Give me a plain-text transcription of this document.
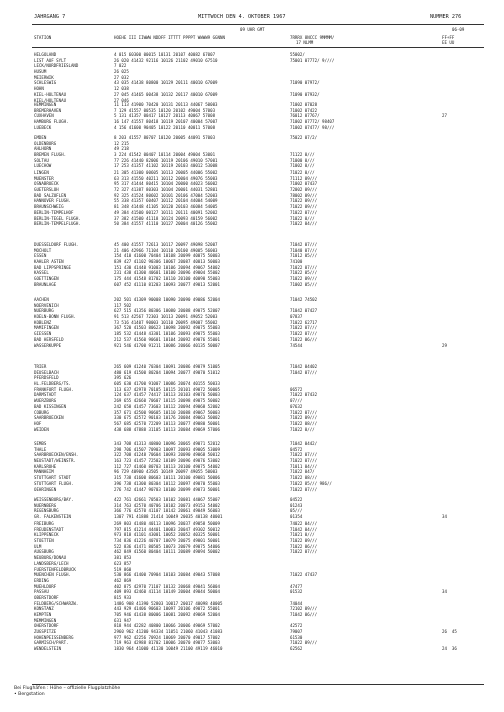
JAHRGANG 7	MITTWOCH DEN 4. OKTOBER 1967	NUMMER 276
09 UHR GMT	06-09
STATION	HOEHE III IIWWW NDDFF ITTTT PPPPT WWWW9 GGNNN	7RRRX 8NCCC 9MMMM/
17 NLMM
FF+FF
EE UU
HELGOLAND	4 015 60300 00015 10131 20107 40082 67007	55002/
LIST AUF SYLT	26 020 41432 92116 10126 21102 49010 67510	75001 07772/ 9////
LECK/NORDFRIESLAND	7 022
HUSUM	26 025
MEIERWIK	27 032
SCHLESWIG	43 035 41438 80800 10129 20111 40010 67009	71090 07972/
HOHN	12 038
KIEL-HOLTENAU	27 045 41465 00438 10132 20117 40010 67009	71090 07932/
KIEL/HOLTENAU	27 046
HEMMINGEN	11 113 41900 70420 10131 20113 44067 50003	71002 07028
BREMERHAVEN	7 129 41557 00535 10120 20102 49004 57003	71002 07422
CUXHAVEN	5 131 41357 00417 10127 20113 40067 57008	76012 07767/	27
HAMBURG FLUGH.	16 147 41557 80418 10119 20107 40004 57007	71002 07772/ 98407
LUEBECK	4 156 41600 90405 10122 20110 40011 57008	71002 07477/ 98///
EMDEN	8 203 41557 80707 10120 20005 44091 57003	75022 07/2/
OLDENBURG	12 215
AHLHORN	49 218
BREMEN FLUGH.	3 224 41542 00407 10114 20004 49004 53001	71122 0///
SOLTAU	77 226 41440 82006 10119 20106 49010 57001	71000 0///
LUECHOW	17 253 41357 41102 10119 20103 40012 53008	71002 0///
LINGEN	21 305 41300 00605 10113 20005 44006 55002	71022 0///
MUENSTER	63 313 41550 40211 10112 20004 49076 55003	71112 09///
OSNABRUECK	95 317 41444 80415 10104 20000 44023 56002	71002 07437
GUETERSLOH	72 327 41387 80303 10104 20001 44031 52801	72002 09///
BAD SALZUFLEN	92 325 41524 80602 10101 20106 47004 52003	78002 09///
HANNOVER FLUGH.	55 338 41357 60407 10112 20104 44004 54009	71022 09///
BRAUNSCHWEIG	81 348 41448 41105 10120 20103 46084 54005	71022 09///
BERLIN-TEMPELHOF	49 384 41500 00127 10111 20111 40091 52002	71022 07///
BERLIN-TEGEL FLUGH.	37 382 41500 41118 10124 20093 40159 56002	71022 0///
BERLIN-TEMPELFLUGH.	50 384 41557 41110 10127 20004 40126 55002	71022 04///
DUESSELDORF FLUGH.	45 400 41557 72613 10117 20097 49098 52007	71042 07///
MOCHOLT	21 406 42966 71104 10110 20100 49005 56003	71040 07///
ESSEN	154 410 41600 70404 10108 20099 40075 50003	71012 05///
KAHLER ASTEN	839 427 41102 90306 10067 20087 40013 50003	74100
BAD LIPPSPRINGE	151 430 41440 91003 10106 20094 49067 54002	71022 07///
KASSEL	231 438 41300 40601 10100 20096 49004 55002	71022 05///
GOETTINGEN	175 444 41548 81702 10110 20100 40090 55003	71022 09///
BRAUNLAGE	607 452 41110 81203 10093 20077 49013 52001	71002 05///
AACHEN	202 501 41309 90008 10090 20090 49086 52004	71042 74502
NOERVENICH	117 502
NUERBURG	627 515 41356 80306 10080 20088 49075 52007	71042 07427
KOELN-BONN FLUGH.	91 513 42567 72303 10113 20091 49052 52003	07837
KOBLENZ	73 516 41407 90003 10110 20095 49007 55002	71022 62717
MAMIFINGEN	367 520 41503 80623 10098 20092 49075 55003	71022 07///
GIESSEN	185 532 41448 43301 10106 20093 49075 55003	71022 07///
BAD HERSFELD	212 537 41560 90601 10104 20092 49076 55001	71022 06///
WASSERKUPPE	921 546 41700 91211 10086 20066 40135 50007	74544	29
TRIER	265 609 41240 70304 10091 20086 49079 51005	71042 04402
DEUSELBACH	480 619 41500 80204 10094 20077 49070 51012	71042 07///
PFERDSFELD	395 626
HL.FELDBERG/TS.	605 630 41700 91007 10086 20074 40155 50033
FRANKFURT FLUGH.	113 637 42978 70105 10115 20101 49072 50005	06572
DARMSTADT	124 637 41457 74417 10113 20103 49076 50003	71022 07432
WUERZBURG	269 655 42660 70607 10115 20098 49075 50002	07///
BAD KISSINGEN	242 658 41457 73603 10112 20094 49068 52002	07632
COBURG	357 671 42500 90605 10110 20088 49067 50003	71022 07///
SAARBRUECKEN	330 675 42572 90103 10176 20084 49063 50002	71022 09///
HOF	567 685 42570 72209 10113 20077 49080 50001	71022 08///
WEIDEN	438 688 47888 31105 10113 20084 49069 57006	71022 0///
SEMBS	343 708 41313 40800 10096 20065 49071 52012	71042 0442/
THALE	298 706 41507 70903 10097 20093 49005 53009	04572
SAARBRUECKEN/ENSH.	322 708 41248 70604 10093 20090 49068 50012	71022 07///
NEUSTADT/WEINSTR.	163 723 41457 72502 10109 20096 49076 53002	71022 07///
KARLSRUHE	112 727 41460 80703 10113 20100 49075 54002	71011 04///
MANNHEIM	96 729 40900 43505 10149 20097 49055 50003	71022 047/
STUTTGART STADT	315 738 41600 80603 10111 20100 49081 50006	71022 08///
STUTTGART FLUGH.	396 738 41300 80304 10112 20097 49070 55003	71022 85/// 986//
OEHRINGEN	276 742 41447 90703 10100 20099 49073 50001	71022 07///
WEISSENBURG/BAY.	422 761 42661 70503 10102 20081 44067 55007	04522
NUERNBERG	314 763 42570 40706 10102 20073 49153 54002	01243
REGENSBURG	366 776 42570 41107 10142 20061 49049 56003	05///
GR. FALKENSTEIN	1307 791 41888 21414 10049 20035 40138 40001	01354	34
FREIBURG	269 803 41480 40113 10096 20037 49058 50009	74022 04///
FREUDENSTADT	797 815 41214 44401 10083 20047 49302 50012	71042 04///
KLIPPENECK	973 818 41101 43001 10052 20052 40325 50001	71021 0///
STOETTEN	734 836 41226 40707 10079 20075 49001 50001	71022 09///
ULM	522 836 41471 80505 10073 20079 49075 54006	71022 06///
AUGSBURG	462 849 41560 80404 10111 20089 49094 50002	71022 07///
NEUBURG/DONAU	381 853
LANDSBERG/LECH	623 857
FUERSTENFELDBRUCK	519 860
MUENCHEN FLUGH.	530 866 41400 70904 10103 20084 49043 57008	71022 47437
ERDING	462 869
MUEHLDORF	402 875 42970 71107 10132 20068 49041 56004	47477
PASSAU	409 893 42460 41114 10149 20004 49044 50004	01532	34
OBERSTDORF	815 933
FELDBERG/SCHWARZW.	1486 908 41390 52803 10017 20017 40098 40005	74044
KONSTANZ	443 929 41406 90603 10097 20106 49072 55001	72102 09///
KEMPTEN	705 946 41438 80006 10081 20092 49069 52004	71042 06///
MEMMINGEN	631 947
OHERSTDORF	818 944 42282 40800 10066 20006 49069 57002	42572
ZUGSPITZE	2960 962 41200 94334 11051 21060 41043 41083	79007	26  45
HOHENPEISSENBERG	977 962 42256 70924 10069 20070 49017 57002	61530
GARMISCH/PART.	719 963 42988 81702 10006 20070 49077 53003	71022 09///
WENDELSTEIN	1830 964 41000 41130 10049 21100 49119 46010	62562	24  36
Bei Flughäfen : Höhe – offizielle Flugplatzhöhe
• Bergstation
